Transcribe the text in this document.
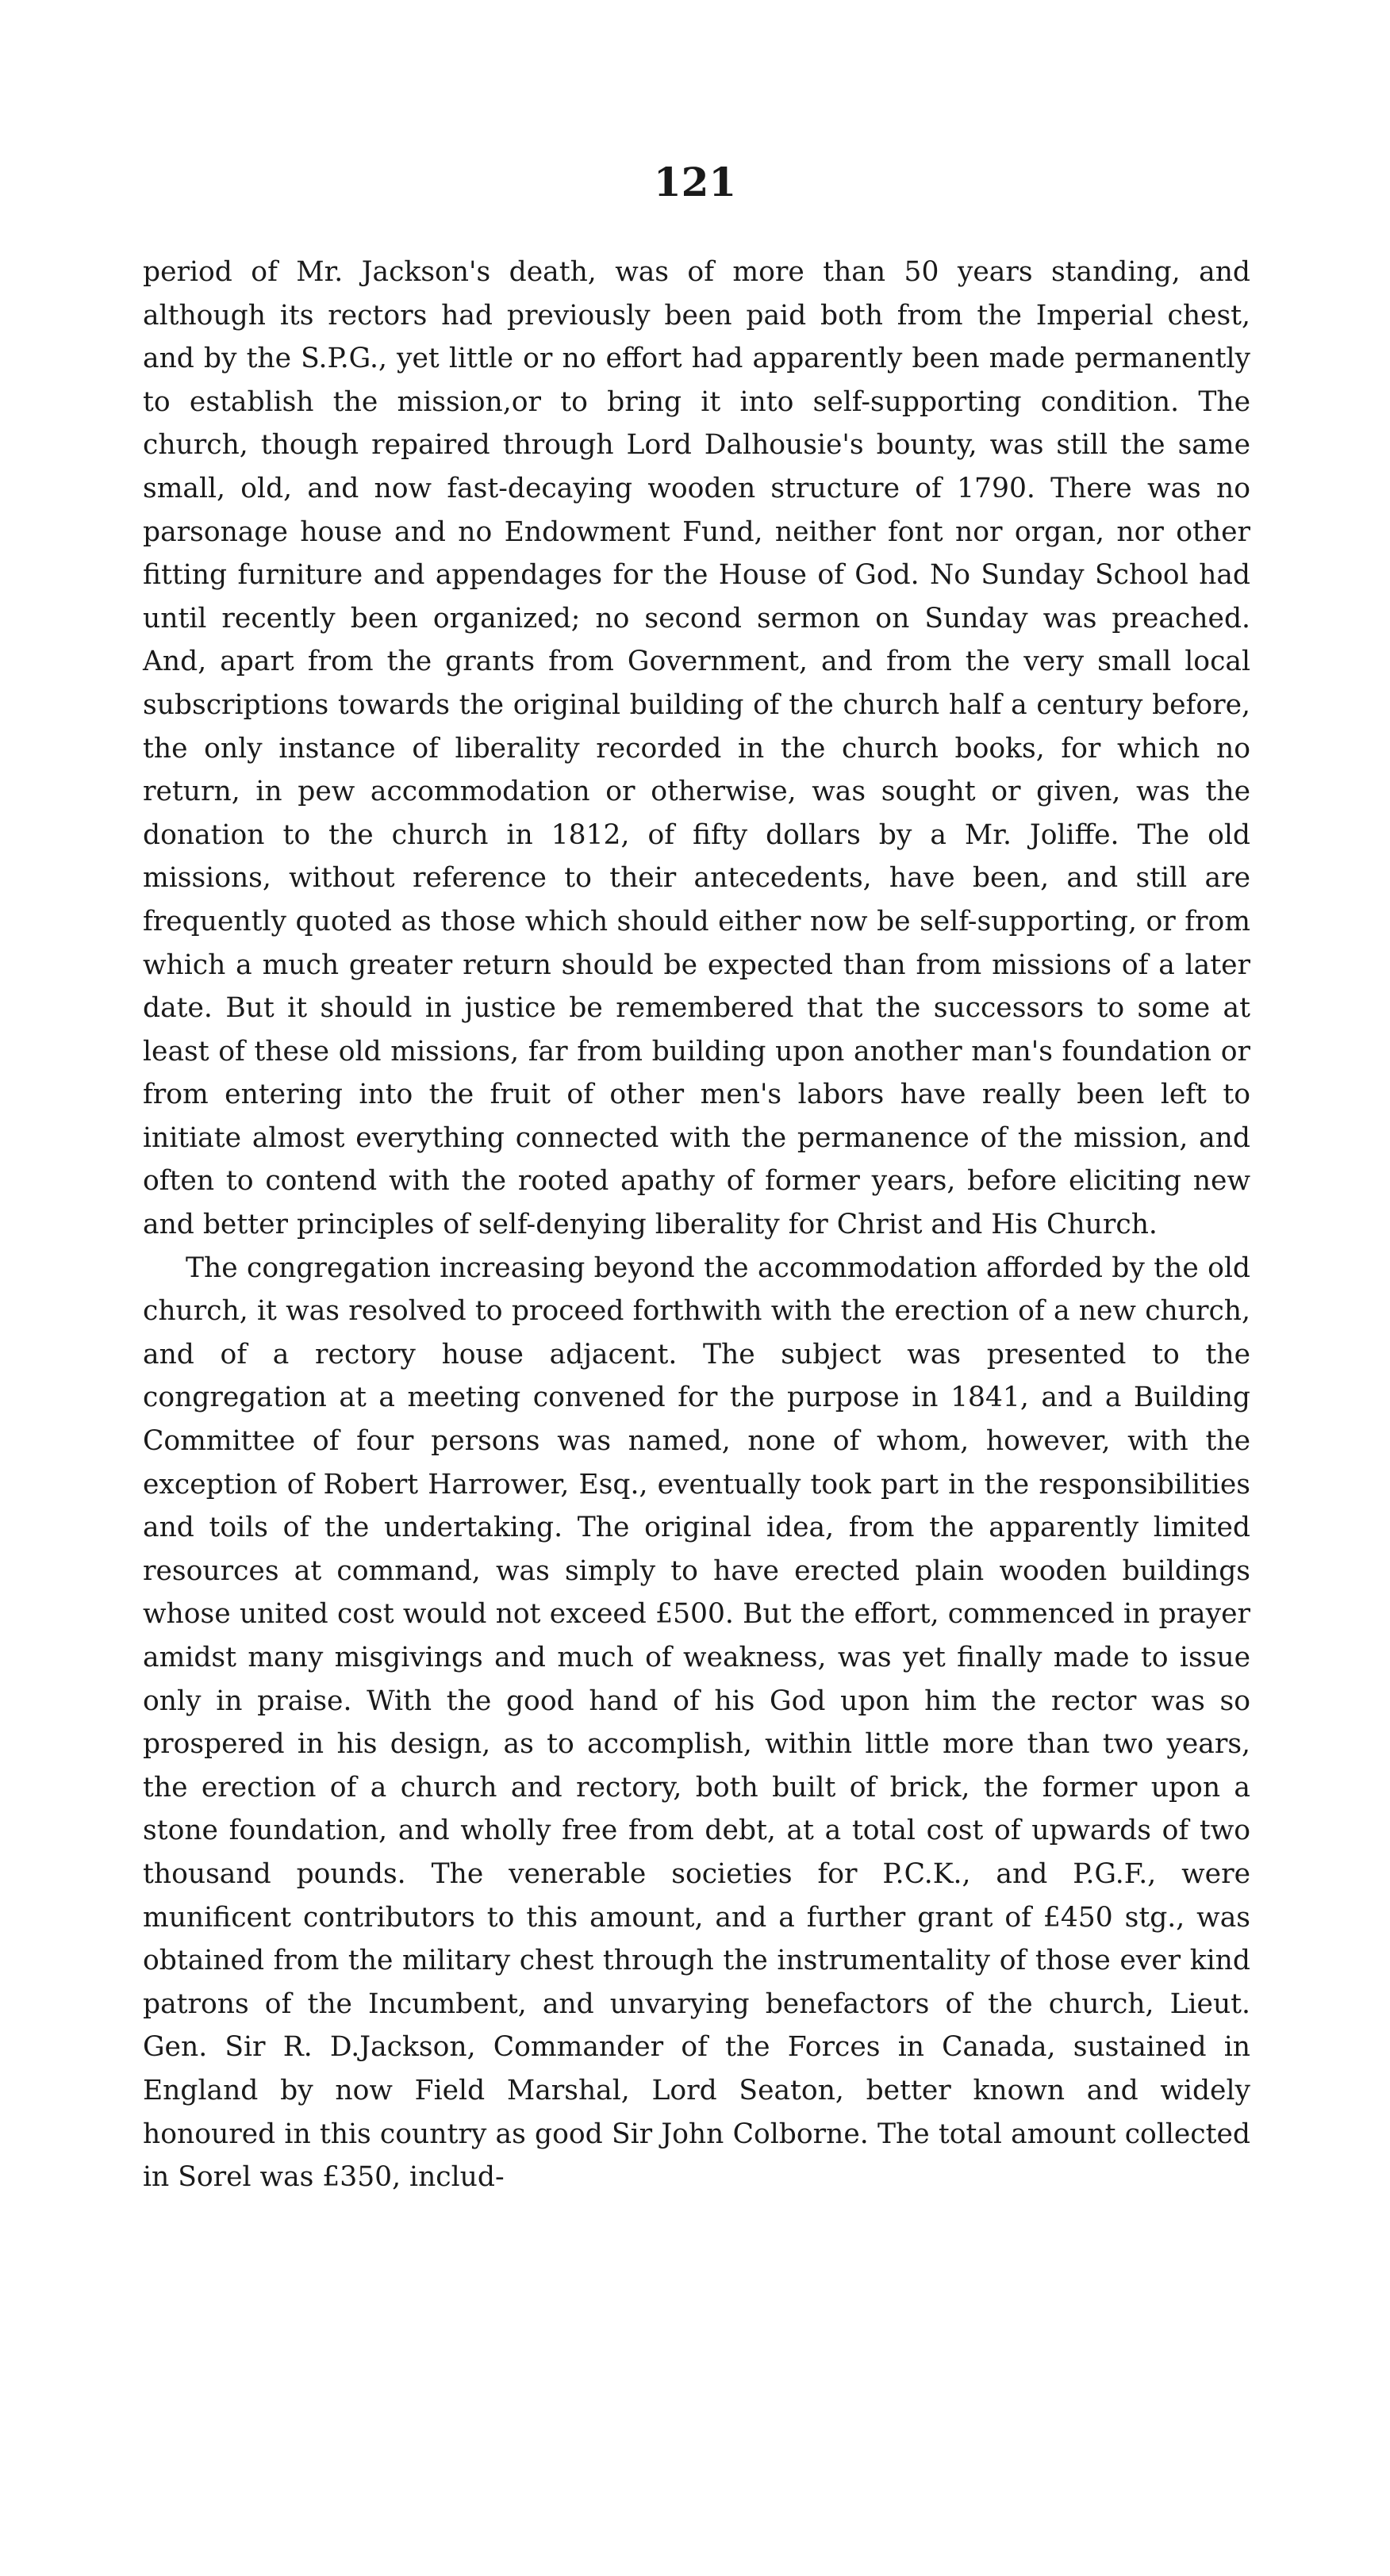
121

period of Mr. Jackson's death, was of more than 50 years standing, and although its rectors had previously been paid both from the Imperial chest, and by the S.P.G., yet little or no effort had apparently been made permanently to establish the mission,or to bring it into self-supporting condition. The church, though repaired through Lord Dalhousie's bounty, was still the same small, old, and now fast-decaying wooden structure of 1790. There was no parsonage house and no Endowment Fund, neither font nor organ, nor other fitting furniture and appendages for the House of God. No Sunday School had until recently been organized; no second sermon on Sunday was preached. And, apart from the grants from Government, and from the very small local subscriptions towards the original building of the church half a century before, the only instance of liberality recorded in the church books, for which no return, in pew accommodation or otherwise, was sought or given, was the donation to the church in 1812, of fifty dollars by a Mr. Joliffe. The old missions, without reference to their antecedents, have been, and still are frequently quoted as those which should either now be self-supporting, or from which a much greater return should be expected than from missions of a later date. But it should in justice be remembered that the successors to some at least of these old missions, far from building upon another man's foundation or from entering into the fruit of other men's labors have really been left to initiate almost everything connected with the permanence of the mission, and often to contend with the rooted apathy of former years, before eliciting new and better principles of self-denying liberality for Christ and His Church.

The congregation increasing beyond the accommodation afforded by the old church, it was resolved to proceed forthwith with the erection of a new church, and of a rectory house adjacent. The subject was presented to the congregation at a meeting convened for the purpose in 1841, and a Building Committee of four persons was named, none of whom, however, with the exception of Robert Harrower, Esq., eventually took part in the responsibilities and toils of the undertaking. The original idea, from the apparently limited resources at command, was simply to have erected plain wooden buildings whose united cost would not exceed £500. But the effort, commenced in prayer amidst many misgivings and much of weakness, was yet finally made to issue only in praise. With the good hand of his God upon him the rector was so prospered in his design, as to accomplish, within little more than two years, the erection of a church and rectory, both built of brick, the former upon a stone foundation, and wholly free from debt, at a total cost of upwards of two thousand pounds. The venerable societies for P.C.K., and P.G.F., were munificent contributors to this amount, and a further grant of £450 stg., was obtained from the military chest through the instrumentality of those ever kind patrons of the Incumbent, and unvarying benefactors of the church, Lieut. Gen. Sir R. D.Jackson, Commander of the Forces in Canada, sustained in England by now Field Marshal, Lord Seaton, better known and widely honoured in this country as good Sir John Colborne. The total amount collected in Sorel was £350, includ-
